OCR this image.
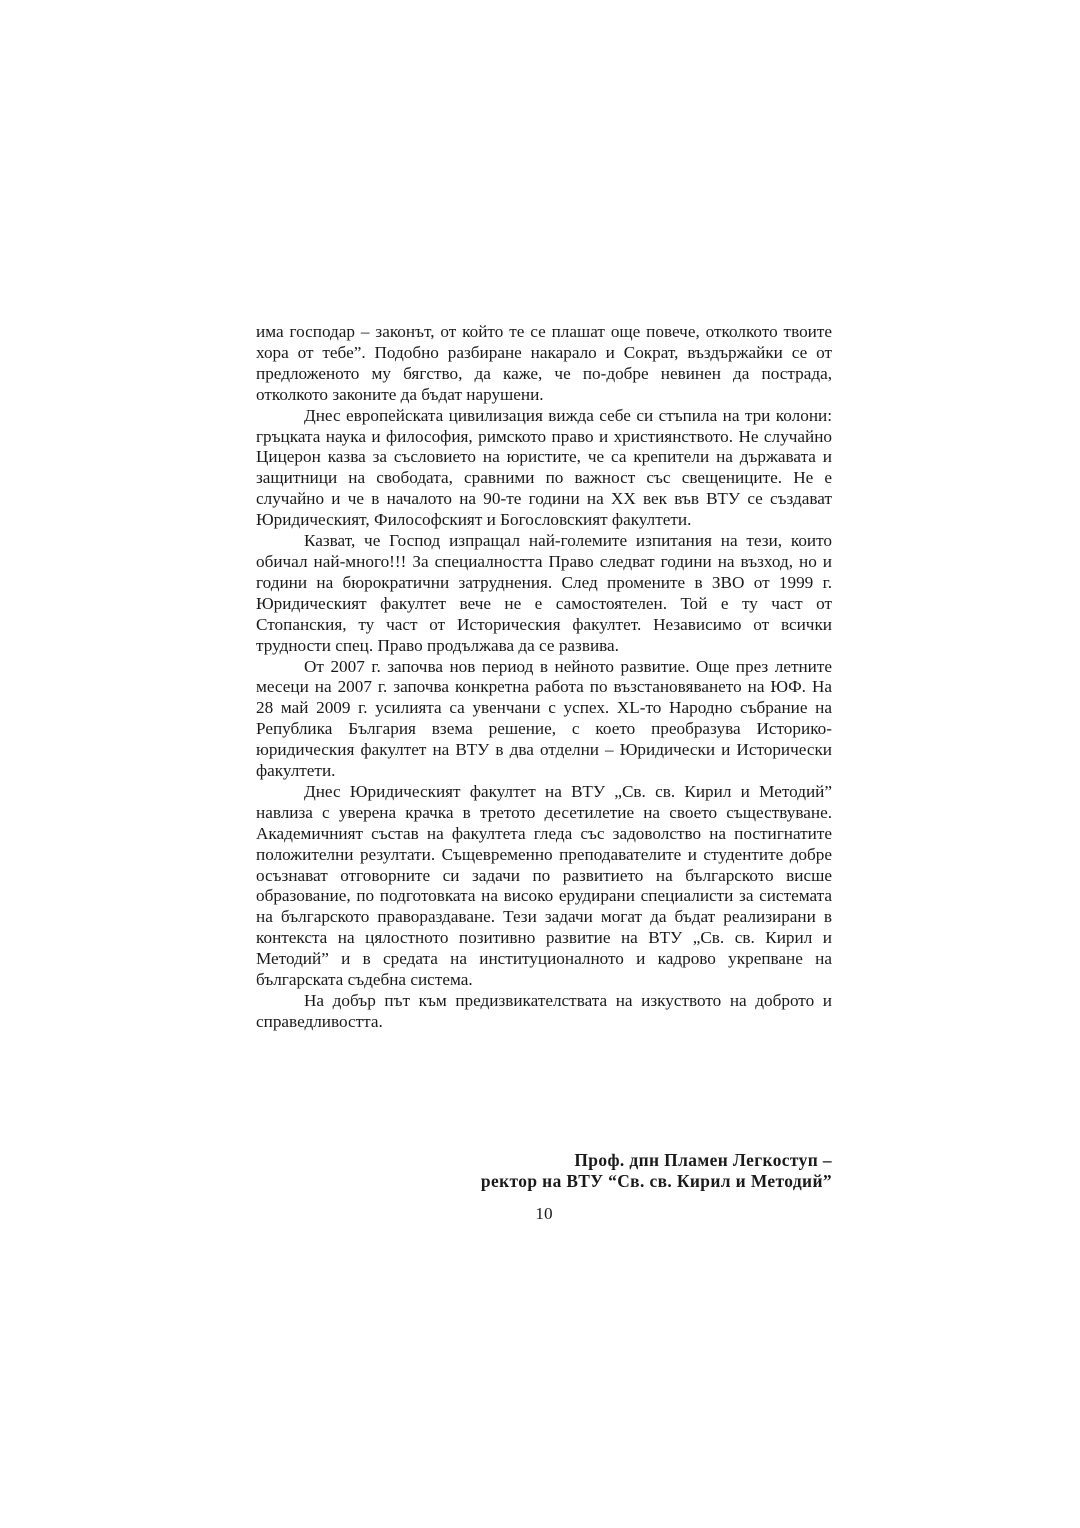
има господар – законът, от който те се плашат още повече, отколкото твоите хора от тебе”. Подобно разбиране накарало и Сократ, въздържайки се от предложеното му бягство, да каже, че по-добре невинен да пострада, отколкото законите да бъдат нарушени.

Днес европейската цивилизация вижда себе си стъпила на три колони: гръцката наука и философия, римското право и християнството. Не случайно Цицерон казва за съсловието на юристите, че са крепители на държавата и защитници на свободата, сравними по важност със свещениците. Не е случайно и че в началото на 90-те години на XX век във ВТУ се създават Юридическият, Философският и Богословският факултети.

Казват, че Господ изпращал най-големите изпитания на тези, които обичал най-много!!! За специалността Право следват години на възход, но и години на бюрократични затруднения. След промените в ЗВО от 1999 г. Юридическият факултет вече не е самостоятелен. Той е ту част от Стопанския, ту част от Историческия факултет. Независимо от всички трудности спец. Право продължава да се развива.

От 2007 г. започва нов период в нейното развитие. Още през летните месеци на 2007 г. започва конкретна работа по възстановяването на ЮФ. На 28 май 2009 г. усилията са увенчани с успех. XL-то Народно събрание на Република България взема решение, с което преобразува Историко-юридическия факултет на ВТУ в два отделни – Юридически и Исторически факултети.

Днес Юридическият факултет на ВТУ „Св. св. Кирил и Методий” навлиза с уверена крачка в третото десетилетие на своето съществуване. Академичният състав на факултета гледа със задоволство на постигнатите положителни резултати. Същевременно преподавателите и студентите добре осъзнават отговорните си задачи по развитието на българското висше образование, по подготовката на високо ерудирани специалисти за системата на българското правораздаване. Тези задачи могат да бъдат реализирани в контекста на цялостното позитивно развитие на ВТУ „Св. св. Кирил и Методий” и в средата на институционалното и кадрово укрепване на българската съдебна система.

На добър път към предизвикателствата на изкуството на доброто и справедливостта.

Проф. дпн Пламен Легкоступ –
ректор на ВТУ “Св. св. Кирил и Методий”
10
